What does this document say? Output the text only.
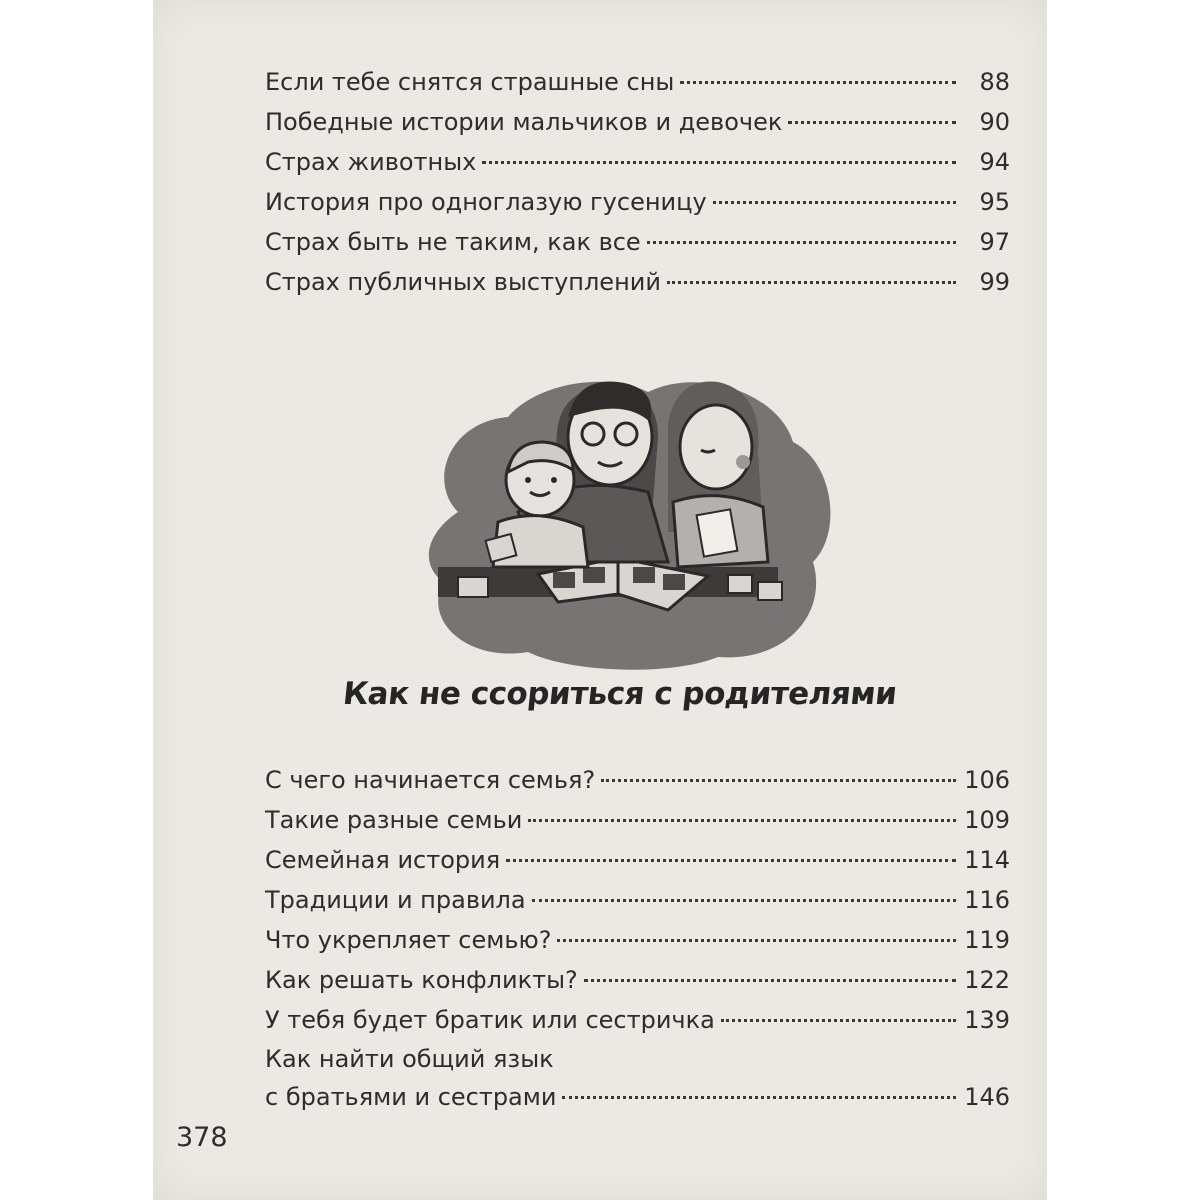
Если тебе снятся страшные сны	88
Победные истории мальчиков и девочек	90
Страх животных	94
История про одноглазую гусеницу	95
Страх быть не таким, как все	97
Страх публичных выступлений	99
Как не ссориться с родителями
С чего начинается семья?	106
Такие разные семьи	109
Семейная история	114
Традиции и правила	116
Что укрепляет семью?	119
Как решать конфликты?	122
У тебя будет братик или сестричка	139
Как найти общий язык
с братьями и сестрами	146
378
